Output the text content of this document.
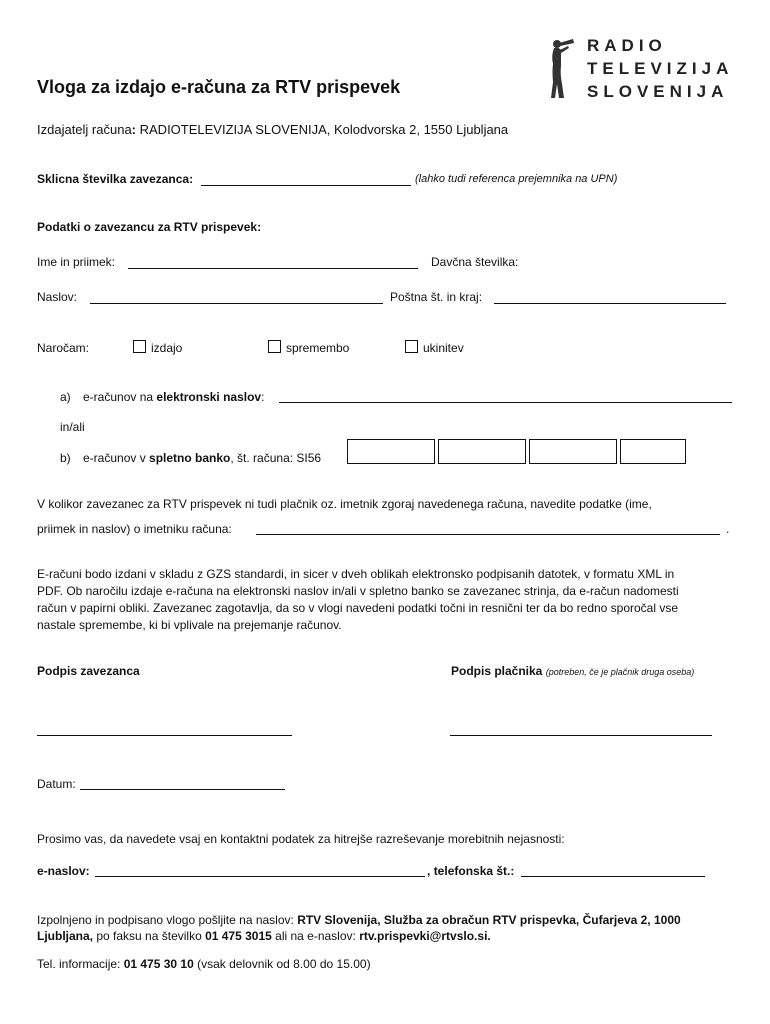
RADIO
TELEVIZIJA
SLOVENIJA
Vloga za izdajo e-računa za RTV prispevek
Izdajatelj računa: RADIOTELEVIZIJA SLOVENIJA, Kolodvorska 2, 1550 Ljubljana
Sklicna številka zavezanca:	(lahko tudi referenca prejemnika na UPN)
Podatki o zavezancu za RTV prispevek:
Ime in priimek:	Davčna številka:
Naslov:	Poštna št. in kraj:
Naročam:	izdajo	spremembo	ukinitev
a) e-računov na elektronski naslov:
in/ali
b) e-računov v spletno banko, št. računa: SI56
V kolikor zavezanec za RTV prispevek ni tudi plačnik oz. imetnik zgoraj navedenega računa, navedite podatke (ime,
priimek in naslov) o imetniku računa:	.
E-računi bodo izdani v skladu z GZS standardi, in sicer v dveh oblikah elektronsko podpisanih datotek, v formatu XML in
PDF. Ob naročilu izdaje e-računa na elektronski naslov in/ali v spletno banko se zavezanec strinja, da e-račun nadomesti
račun v papirni obliki. Zavezanec zagotavlja, da so v vlogi navedeni podatki točni in resnični ter da bo redno sporočal vse
nastale spremembe, ki bi vplivale na prejemanje računov.
Podpis zavezanca	Podpis plačnika (potreben, če je plačnik druga oseba)
Datum:
Prosimo vas, da navedete vsaj en kontaktni podatek za hitrejše razreševanje morebitnih nejasnosti:
e-naslov:	, telefonska št.:
Izpolnjeno in podpisano vlogo pošljite na naslov: RTV Slovenija, Služba za obračun RTV prispevka, Čufarjeva 2, 1000 Ljubljana, po faksu na številko 01 475 3015 ali na e-naslov: rtv.prispevki@rtvslo.si.
Tel. informacije: 01 475 30 10 (vsak delovnik od 8.00 do 15.00)
